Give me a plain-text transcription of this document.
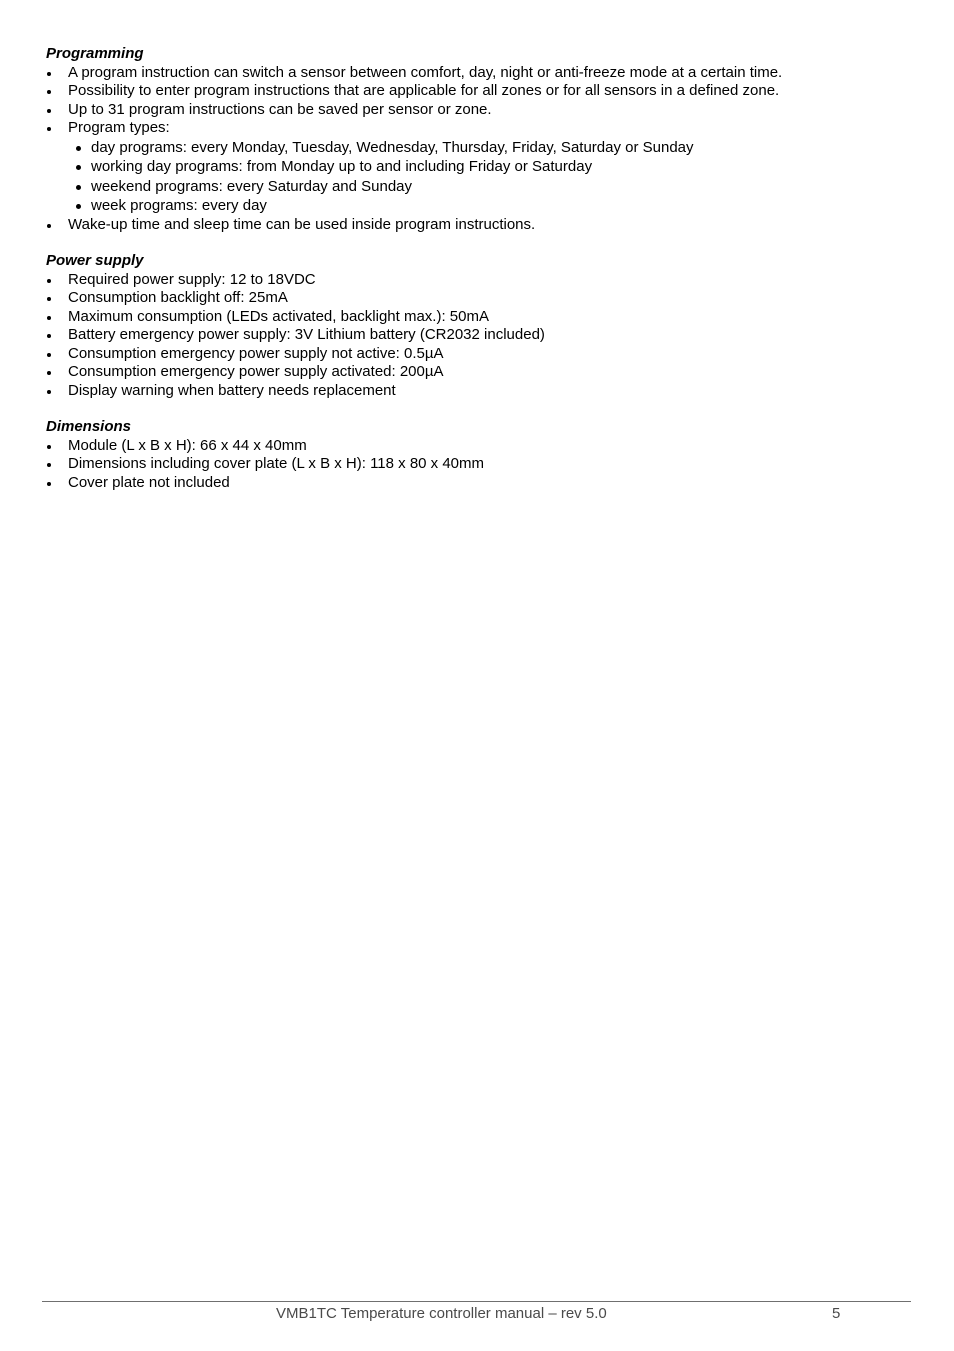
Programming

A program instruction can switch a sensor between comfort, day, night or anti-freeze mode at a certain time.
Possibility to enter program instructions that are applicable for all zones or for all sensors in a defined zone.
Up to 31 program instructions can be saved per sensor or zone.
Program types:
day programs: every Monday, Tuesday, Wednesday, Thursday, Friday, Saturday or Sunday
working day programs: from Monday up to and including Friday or Saturday
weekend programs: every Saturday and Sunday
week programs: every day
Wake-up time and sleep time can be used inside program instructions.

Power supply

Required power supply: 12 to 18VDC
Consumption backlight off: 25mA
Maximum consumption (LEDs activated, backlight max.): 50mA
Battery emergency power supply: 3V Lithium battery (CR2032 included)
Consumption emergency power supply not active: 0.5µA
Consumption emergency power supply activated: 200µA
Display warning when battery needs replacement

Dimensions

Module (L x B x H): 66 x 44 x 40mm
Dimensions including cover plate (L x B x H): 118 x 80 x 40mm
Cover plate not included
VMB1TC Temperature controller manual – rev 5.0	5
